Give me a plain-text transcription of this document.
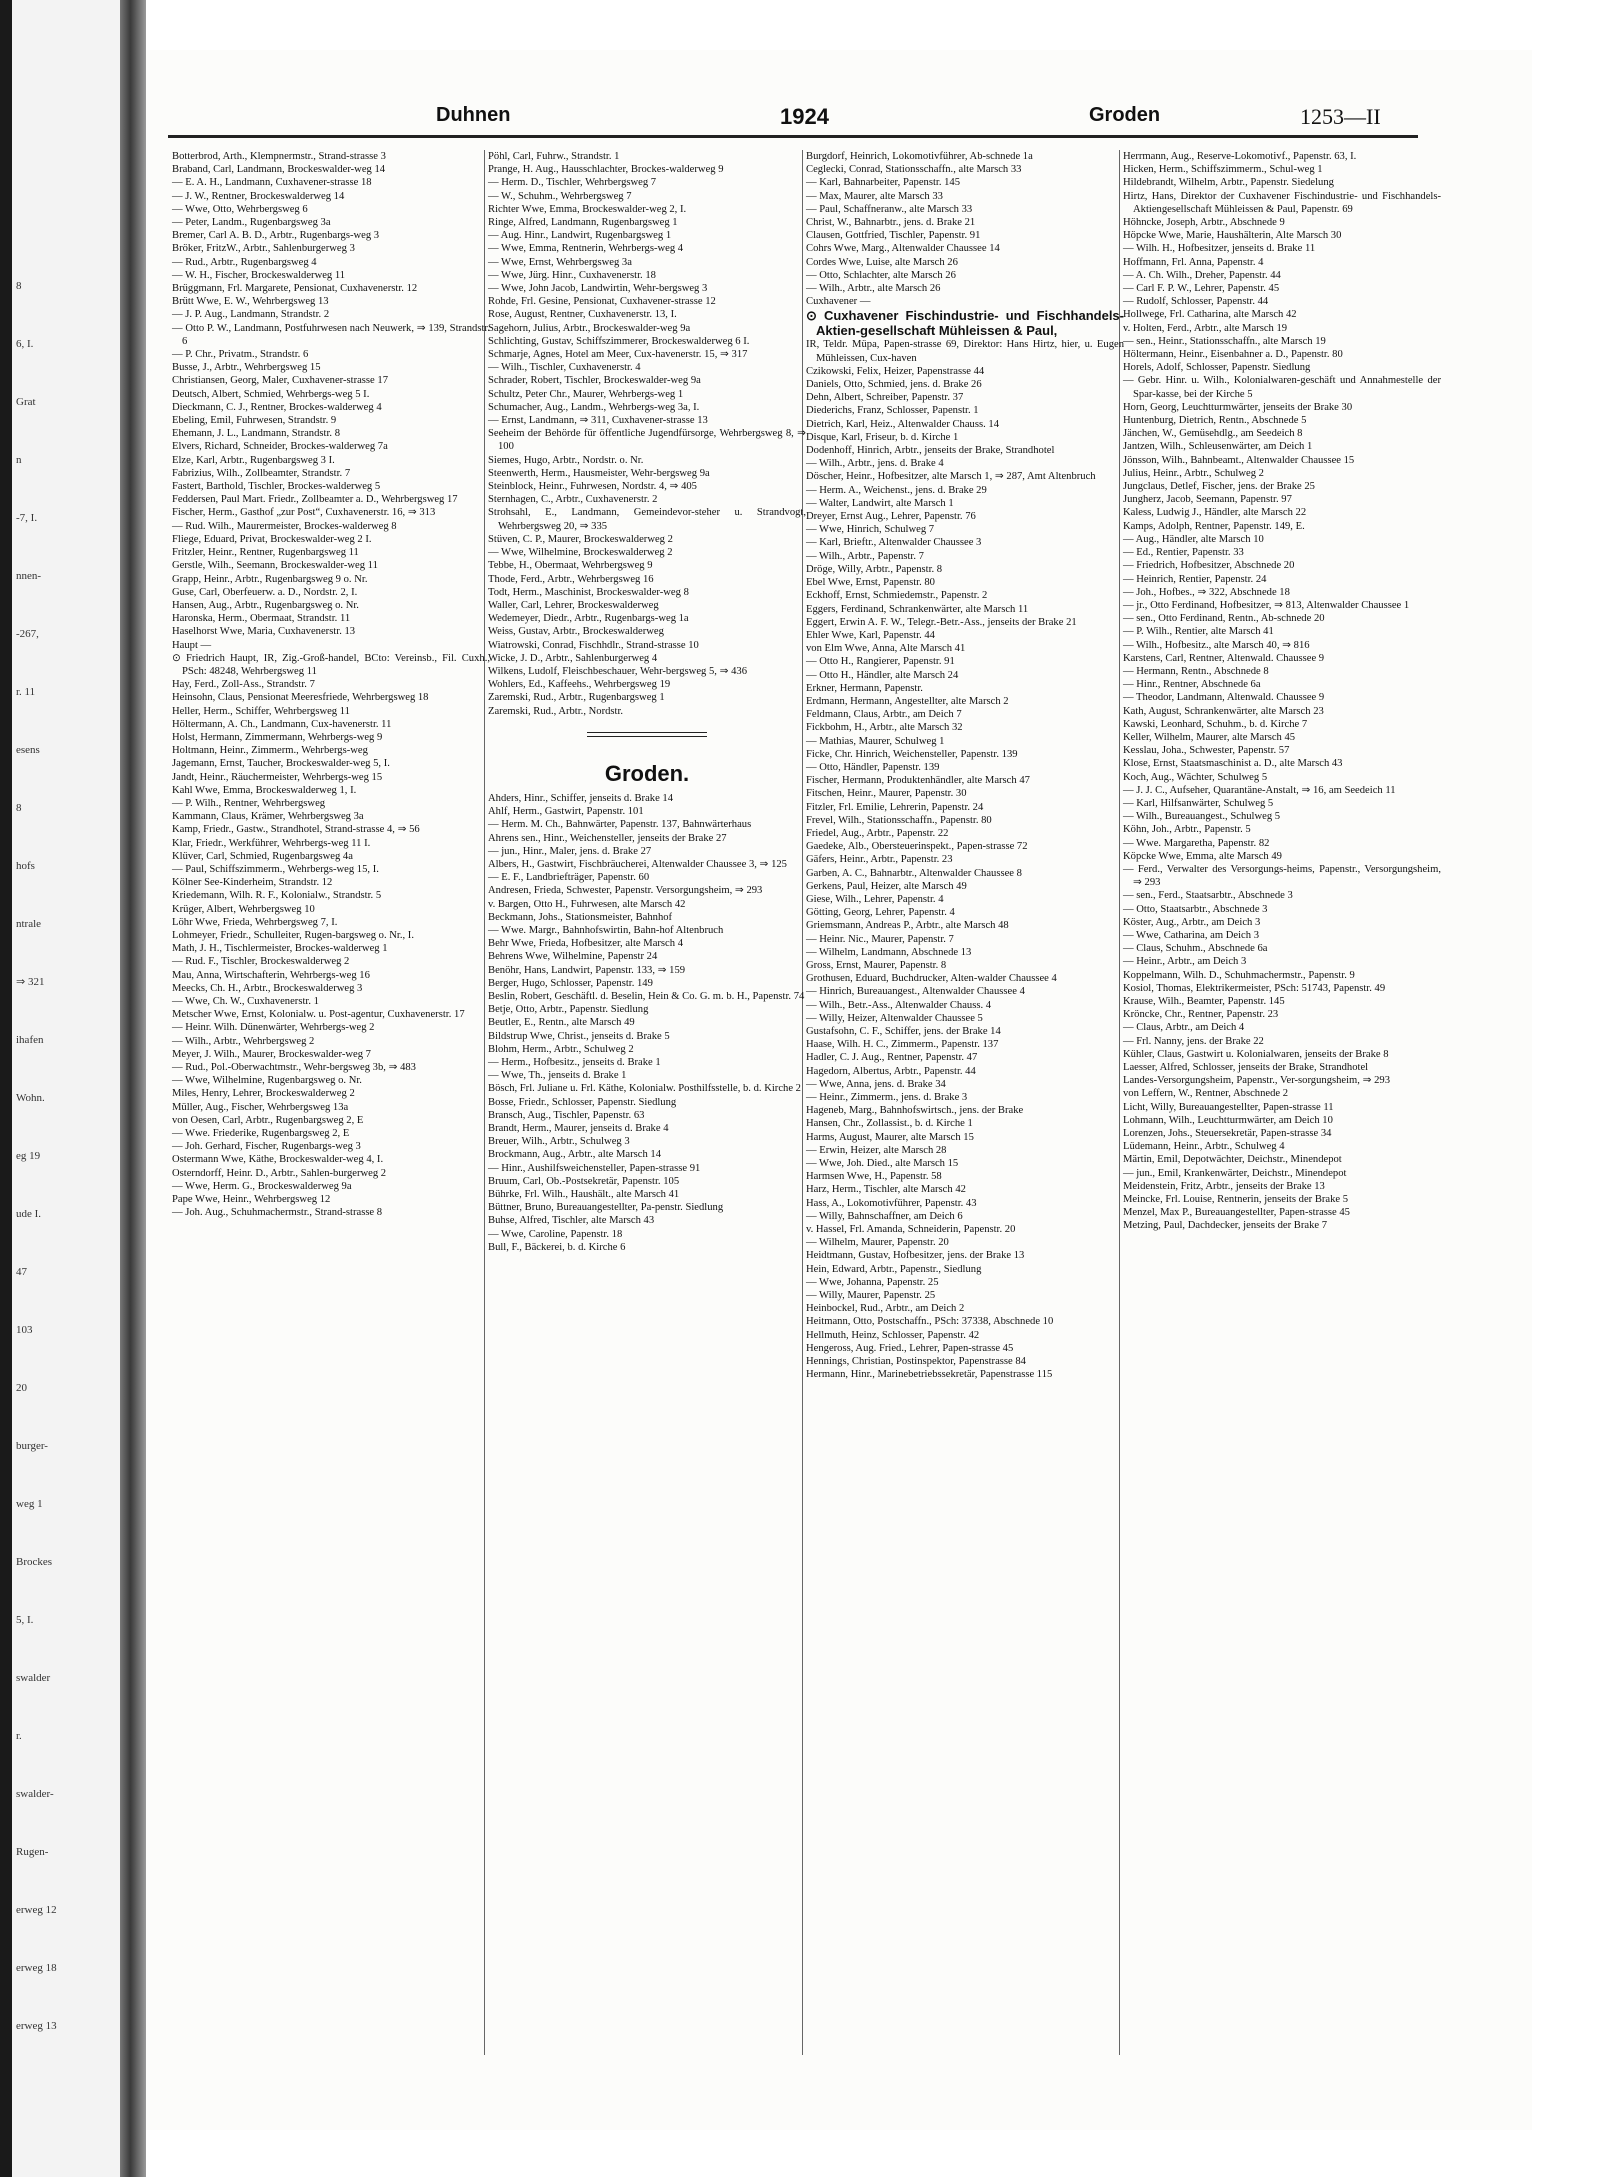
8
6, I.
Grat
n
-7, I.
nnen-
-267,
r. 11
esens
8
hofs
ntrale
⇒ 321
ihafen
Wohn.
eg 19
ude I.
47
103
20
burger-
weg 1
Brockes
5, I.
swalder
r.
swalder-
Rugen-
erweg 12
erweg 18
erweg 13
Duhnen	1924	Groden	1253—II

Botterbrod, Arth., Klempnermstr., Strand-strasse 3

Braband, Carl, Landmann, Brockeswalder-weg 14

— E. A. H., Landmann, Cuxhavener-strasse 18

— J. W., Rentner, Brockeswalderweg 14

— Wwe, Otto, Wehrbergsweg 6

— Peter, Landm., Rugenbargsweg 3a

Bremer, Carl A. B. D., Arbtr., Rugenbargs-weg 3

Bröker, FritzW., Arbtr., Sahlenburgerweg 3

— Rud., Arbtr., Rugenbargsweg 4

— W. H., Fischer, Brockeswalderweg 11

Brüggmann, Frl. Margarete, Pensionat, Cuxhavenerstr. 12

Brütt Wwe, E. W., Wehrbergsweg 13

— J. P. Aug., Landmann, Strandstr. 2

— Otto P. W., Landmann, Postfuhrwesen nach Neuwerk, ⇒ 139, Strandstr. 6

— P. Chr., Privatm., Strandstr. 6

Busse, J., Arbtr., Wehrbergsweg 15

Christiansen, Georg, Maler, Cuxhavener-strasse 17

Deutsch, Albert, Schmied, Wehrbergs-weg 5 I.

Dieckmann, C. J., Rentner, Brockes-walderweg 4

Ebeling, Emil, Fuhrwesen, Strandstr. 9

Ehemann, J. L., Landmann, Strandstr. 8

Elvers, Richard, Schneider, Brockes-walderweg 7a

Elze, Karl, Arbtr., Rugenbargsweg 3 I.

Fabrizius, Wilh., Zollbeamter, Strandstr. 7

Fastert, Barthold, Tischler, Brockes-walderweg 5

Feddersen, Paul Mart. Friedr., Zollbeamter a. D., Wehrbergsweg 17

Fischer, Herm., Gasthof „zur Post“, Cuxhavenerstr. 16, ⇒ 313

— Rud. Wilh., Maurermeister, Brockes-walderweg 8

Fliege, Eduard, Privat, Brockeswalder-weg 2 I.

Fritzler, Heinr., Rentner, Rugenbargsweg 11

Gerstle, Wilh., Seemann, Brockeswalder-weg 11

Grapp, Heinr., Arbtr., Rugenbargsweg 9 o. Nr.

Guse, Carl, Oberfeuerw. a. D., Nordstr. 2, I.

Hansen, Aug., Arbtr., Rugenbargsweg o. Nr.

Haronska, Herm., Obermaat, Strandstr. 11

Haselhorst Wwe, Maria, Cuxhavenerstr. 13

Haupt —

⊙ Friedrich Haupt, IR, Zig.-Groß-handel, BCto: Vereinsb., Fil. Cuxh., PSch: 48248, Wehrbergsweg 11

Hay, Ferd., Zoll-Ass., Strandstr. 7

Heinsohn, Claus, Pensionat Meeresfriede, Wehrbergsweg 18

Heller, Herm., Schiffer, Wehrbergsweg 11

Höltermann, A. Ch., Landmann, Cux-havenerstr. 11

Holst, Hermann, Zimmermann, Wehrbergs-weg 9

Holtmann, Heinr., Zimmerm., Wehrbergs-weg

Jagemann, Ernst, Taucher, Brockeswalder-weg 5, I.

Jandt, Heinr., Räuchermeister, Wehrbergs-weg 15

Kahl Wwe, Emma, Brockeswalderweg 1, I.

— P. Wilh., Rentner, Wehrbergsweg

Kammann, Claus, Krämer, Wehrbergsweg 3a

Kamp, Friedr., Gastw., Strandhotel, Strand-strasse 4, ⇒ 56

Klar, Friedr., Werkführer, Wehrbergs-weg 11 I.

Klüver, Carl, Schmied, Rugenbargsweg 4a

— Paul, Schiffszimmerm., Wehrbergs-weg 15, I.

Kölner See-Kinderheim, Strandstr. 12

Kriedemann, Wilh. R. F., Kolonialw., Strandstr. 5

Krüger, Albert, Wehrbergsweg 10

Löhr Wwe, Frieda, Wehrbergsweg 7, I.

Lohmeyer, Friedr., Schulleiter, Rugen-bargsweg o. Nr., I.

Math, J. H., Tischlermeister, Brockes-walderweg 1

— Rud. F., Tischler, Brockeswalderweg 2

Mau, Anna, Wirtschafterin, Wehrbergs-weg 16

Meecks, Ch. H., Arbtr., Brockeswalderweg 3

— Wwe, Ch. W., Cuxhavenerstr. 1

Metscher Wwe, Ernst, Kolonialw. u. Post-agentur, Cuxhavenerstr. 17

— Heinr. Wilh. Dünenwärter, Wehrbergs-weg 2

— Wilh., Arbtr., Wehrbergsweg 2

Meyer, J. Wilh., Maurer, Brockeswalder-weg 7

— Rud., Pol.-Oberwachtmstr., Wehr-bergsweg 3b, ⇒ 483

— Wwe, Wilhelmine, Rugenbargsweg o. Nr.

Miles, Henry, Lehrer, Brockeswalderweg 2

Müller, Aug., Fischer, Wehrbergsweg 13a

von Oesen, Carl, Arbtr., Rugenbargsweg 2, E

— Wwe. Friederike, Rugenbargsweg 2, E

— Joh. Gerhard, Fischer, Rugenbargs-weg 3

Ostermann Wwe, Käthe, Brockeswalder-weg 4, I.

Osterndorff, Heinr. D., Arbtr., Sahlen-burgerweg 2

— Wwe, Herm. G., Brockeswalderweg 9a

Pape Wwe, Heinr., Wehrbergsweg 12

— Joh. Aug., Schuhmachermstr., Strand-strasse 8

Pöhl, Carl, Fuhrw., Strandstr. 1

Prange, H. Aug., Hausschlachter, Brockes-walderweg 9

— Herm. D., Tischler, Wehrbergsweg 7

— W., Schuhm., Wehrbergsweg 7

Richter Wwe, Emma, Brockeswalder-weg 2, I.

Ringe, Alfred, Landmann, Rugenbargsweg 1

— Aug. Hinr., Landwirt, Rugenbargsweg 1

— Wwe, Emma, Rentnerin, Wehrbergs-weg 4

— Wwe, Ernst, Wehrbergsweg 3a

— Wwe, Jürg. Hinr., Cuxhavenerstr. 18

— Wwe, John Jacob, Landwirtin, Wehr-bergsweg 3

Rohde, Frl. Gesine, Pensionat, Cuxhavener-strasse 12

Rose, August, Rentner, Cuxhavenerstr. 13, I.

Sagehorn, Julius, Arbtr., Brockeswalder-weg 9a

Schlichting, Gustav, Schiffszimmerer, Brockeswalderweg 6 I.

Schmarje, Agnes, Hotel am Meer, Cux-havenerstr. 15, ⇒ 317

— Wilh., Tischler, Cuxhavenerstr. 4

Schrader, Robert, Tischler, Brockeswalder-weg 9a

Schultz, Peter Chr., Maurer, Wehrbergs-weg 1

Schumacher, Aug., Landm., Wehrbergs-weg 3a, I.

— Ernst, Landmann, ⇒ 311, Cuxhavener-strasse 13

Seeheim der Behörde für öffentliche Jugendfürsorge, Wehrbergsweg 8, ⇒ 100

Siemes, Hugo, Arbtr., Nordstr. o. Nr.

Steenwerth, Herm., Hausmeister, Wehr-bergsweg 9a

Steinblock, Heinr., Fuhrwesen, Nordstr. 4, ⇒ 405

Sternhagen, C., Arbtr., Cuxhavenerstr. 2

Strohsahl, E., Landmann, Gemeindevor-steher u. Strandvogt, Wehrbergsweg 20, ⇒ 335

Stüven, C. P., Maurer, Brockeswalderweg 2

— Wwe, Wilhelmine, Brockeswalderweg 2

Tebbe, H., Obermaat, Wehrbergsweg 9

Thode, Ferd., Arbtr., Wehrbergsweg 16

Todt, Herm., Maschinist, Brockeswalder-weg 8

Waller, Carl, Lehrer, Brockeswalderweg

Wedemeyer, Diedr., Arbtr., Rugenbargs-weg 1a

Weiss, Gustav, Arbtr., Brockeswalderweg

Wiatrowski, Conrad, Fischhdlr., Strand-strasse 10

Wicke, J. D., Arbtr., Sahlenburgerweg 4

Wilkens, Ludolf, Fleischbeschauer, Wehr-bergsweg 5, ⇒ 436

Wohlers, Ed., Kaffeehs., Wehrbergsweg 19

Zaremski, Rud., Arbtr., Rugenbargsweg 1

Zaremski, Rud., Arbtr., Nordstr.

Groden.

Ahders, Hinr., Schiffer, jenseits d. Brake 14

Ahlf, Herm., Gastwirt, Papenstr. 101

— Herm. M. Ch., Bahnwärter, Papenstr. 137, Bahnwärterhaus

Ahrens sen., Hinr., Weichensteller, jenseits der Brake 27

— jun., Hinr., Maler, jens. d. Brake 27

Albers, H., Gastwirt, Fischbräucherei, Altenwalder Chaussee 3, ⇒ 125

— E. F., Landbriefträger, Papenstr. 60

Andresen, Frieda, Schwester, Papenstr. Versorgungsheim, ⇒ 293

v. Bargen, Otto H., Fuhrwesen, alte Marsch 42

Beckmann, Johs., Stationsmeister, Bahnhof

— Wwe. Margr., Bahnhofswirtin, Bahn-hof Altenbruch

Behr Wwe, Frieda, Hofbesitzer, alte Marsch 4

Behrens Wwe, Wilhelmine, Papenstr 24

Benöhr, Hans, Landwirt, Papenstr. 133, ⇒ 159

Berger, Hugo, Schlosser, Papenstr. 149

Beslin, Robert, Geschäftl. d. Beselin, Hein & Co. G. m. b. H., Papenstr. 74

Betje, Otto, Arbtr., Papenstr. Siedlung

Beutler, E., Rentn., alte Marsch 49

Bildstrup Wwe, Christ., jenseits d. Brake 5

Blohm, Herm., Arbtr., Schulweg 2

— Herm., Hofbesitz., jenseits d. Brake 1

— Wwe, Th., jenseits d. Brake 1

Bösch, Frl. Juliane u. Frl. Käthe, Kolonialw. Posthilfsstelle, b. d. Kirche 2

Bosse, Friedr., Schlosser, Papenstr. Siedlung

Bransch, Aug., Tischler, Papenstr. 63

Brandt, Herm., Maurer, jenseits d. Brake 4

Breuer, Wilh., Arbtr., Schulweg 3

Brockmann, Aug., Arbtr., alte Marsch 14

— Hinr., Aushilfsweichensteller, Papen-strasse 91

Bruum, Carl, Ob.-Postsekretär, Papenstr. 105

Bührke, Frl. Wilh., Haushält., alte Marsch 41

Büttner, Bruno, Bureauangestellter, Pa-penstr. Siedlung

Buhse, Alfred, Tischler, alte Marsch 43

— Wwe, Caroline, Papenstr. 18

Bull, F., Bäckerei, b. d. Kirche 6

Burgdorf, Heinrich, Lokomotivführer, Ab-schnede 1a

Ceglecki, Conrad, Stationsschaffn., alte Marsch 33

— Karl, Bahnarbeiter, Papenstr. 145

— Max, Maurer, alte Marsch 33

— Paul, Schaffneranw., alte Marsch 33

Christ, W., Bahnarbtr., jens. d. Brake 21

Clausen, Gottfried, Tischler, Papenstr. 91

Cohrs Wwe, Marg., Altenwalder Chaussee 14

Cordes Wwe, Luise, alte Marsch 26

— Otto, Schlachter, alte Marsch 26

— Wilh., Arbtr., alte Marsch 26

Cuxhavener —

⊙ Cuxhavener Fischindustrie- und Fischhandels-Aktien-gesellschaft Mühleissen & Paul,

IR, Teldr. Müpa, Papen-strasse 69, Direktor: Hans Hirtz, hier, u. Eugen Mühleissen, Cux-haven

Czikowski, Felix, Heizer, Papenstrasse 44

Daniels, Otto, Schmied, jens. d. Brake 26

Dehn, Albert, Schreiber, Papenstr. 37

Diederichs, Franz, Schlosser, Papenstr. 1

Dietrich, Karl, Heiz., Altenwalder Chauss. 14

Disque, Karl, Friseur, b. d. Kirche 1

Dodenhoff, Hinrich, Arbtr., jenseits der Brake, Strandhotel

— Wilh., Arbtr., jens. d. Brake 4

Döscher, Heinr., Hofbesitzer, alte Marsch 1, ⇒ 287, Amt Altenbruch

— Herm. A., Weichenst., jens. d. Brake 29

— Walter, Landwirt, alte Marsch 1

Dreyer, Ernst Aug., Lehrer, Papenstr. 76

— Wwe, Hinrich, Schulweg 7

— Karl, Brieftr., Altenwalder Chaussee 3

— Wilh., Arbtr., Papenstr. 7

Dröge, Willy, Arbtr., Papenstr. 8

Ebel Wwe, Ernst, Papenstr. 80

Eckhoff, Ernst, Schmiedemstr., Papenstr. 2

Eggers, Ferdinand, Schrankenwärter, alte Marsch 11

Eggert, Erwin A. F. W., Telegr.-Betr.-Ass., jenseits der Brake 21

Ehler Wwe, Karl, Papenstr. 44

von Elm Wwe, Anna, Alte Marsch 41

— Otto H., Rangierer, Papenstr. 91

— Otto H., Händler, alte Marsch 24

Erkner, Hermann, Papenstr.

Erdmann, Hermann, Angestellter, alte Marsch 2

Feldmann, Claus, Arbtr., am Deich 7

Fickbohm, H., Arbtr., alte Marsch 32

— Mathias, Maurer, Schulweg 1

Ficke, Chr. Hinrich, Weichensteller, Papenstr. 139

— Otto, Händler, Papenstr. 139

Fischer, Hermann, Produktenhändler, alte Marsch 47

Fitschen, Heinr., Maurer, Papenstr. 30

Fitzler, Frl. Emilie, Lehrerin, Papenstr. 24

Frevel, Wilh., Stationsschaffn., Papenstr. 80

Friedel, Aug., Arbtr., Papenstr. 22

Gaedeke, Alb., Obersteuerinspekt., Papen-strasse 72

Gäfers, Heinr., Arbtr., Papenstr. 23

Garben, A. C., Bahnarbtr., Altenwalder Chaussee 8

Gerkens, Paul, Heizer, alte Marsch 49

Giese, Wilh., Lehrer, Papenstr. 4

Götting, Georg, Lehrer, Papenstr. 4

Griemsmann, Andreas P., Arbtr., alte Marsch 48

— Heinr. Nic., Maurer, Papenstr. 7

— Wilhelm, Landmann, Abschnede 13

Gross, Ernst, Maurer, Papenstr. 8

Grothusen, Eduard, Buchdrucker, Alten-walder Chaussee 4

— Hinrich, Bureauangest., Altenwalder Chaussee 4

— Wilh., Betr.-Ass., Altenwalder Chauss. 4

— Willy, Heizer, Altenwalder Chaussee 5

Gustafsohn, C. F., Schiffer, jens. der Brake 14

Haase, Wilh. H. C., Zimmerm., Papenstr. 137

Hadler, C. J. Aug., Rentner, Papenstr. 47

Hagedorn, Albertus, Arbtr., Papenstr. 44

— Wwe, Anna, jens. d. Brake 34

— Heinr., Zimmerm., jens. d. Brake 3

Hageneb, Marg., Bahnhofswirtsch., jens. der Brake

Hansen, Chr., Zollassist., b. d. Kirche 1

Harms, August, Maurer, alte Marsch 15

— Erwin, Heizer, alte Marsch 28

— Wwe, Joh. Died., alte Marsch 15

Harmsen Wwe, H., Papenstr. 58

Harz, Herm., Tischler, alte Marsch 42

Hass, A., Lokomotivführer, Papenstr. 43

— Willy, Bahnschaffner, am Deich 6

v. Hassel, Frl. Amanda, Schneiderin, Papenstr. 20

— Wilhelm, Maurer, Papenstr. 20

Heidtmann, Gustav, Hofbesitzer, jens. der Brake 13

Hein, Edward, Arbtr., Papenstr., Siedlung

— Wwe, Johanna, Papenstr. 25

— Willy, Maurer, Papenstr. 25

Heinbockel, Rud., Arbtr., am Deich 2

Heitmann, Otto, Postschaffn., PSch: 37338, Abschnede 10

Hellmuth, Heinz, Schlosser, Papenstr. 42

Hengeross, Aug. Fried., Lehrer, Papen-strasse 45

Hennings, Christian, Postinspektor, Papenstrasse 84

Hermann, Hinr., Marinebetriebssekretär, Papenstrasse 115

Herrmann, Aug., Reserve-Lokomotivf., Papenstr. 63, I.

Hicken, Herm., Schiffszimmerm., Schul-weg 1

Hildebrandt, Wilhelm, Arbtr., Papenstr. Siedelung

Hirtz, Hans, Direktor der Cuxhavener Fischindustrie- und Fischhandels-Aktiengesellschaft Mühleissen & Paul, Papenstr. 69

Höhncke, Joseph, Arbtr., Abschnede 9

Höpcke Wwe, Marie, Haushälterin, Alte Marsch 30

— Wilh. H., Hofbesitzer, jenseits d. Brake 11

Hoffmann, Frl. Anna, Papenstr. 4

— A. Ch. Wilh., Dreher, Papenstr. 44

— Carl F. P. W., Lehrer, Papenstr. 45

— Rudolf, Schlosser, Papenstr. 44

Hollwege, Frl. Catharina, alte Marsch 42

v. Holten, Ferd., Arbtr., alte Marsch 19

— sen., Heinr., Stationsschaffn., alte Marsch 19

Höltermann, Heinr., Eisenbahner a. D., Papenstr. 80

Horels, Adolf, Schlosser, Papenstr. Siedlung

— Gebr. Hinr. u. Wilh., Kolonialwaren-geschäft und Annahmestelle der Spar-kasse, bei der Kirche 5

Horn, Georg, Leuchtturmwärter, jenseits der Brake 30

Huntenburg, Dietrich, Rentn., Abschnede 5

Jänchen, W., Gemüsehdlg., am Seedeich 8

Jantzen, Wilh., Schleusenwärter, am Deich 1

Jönsson, Wilh., Bahnbeamt., Altenwalder Chaussee 15

Julius, Heinr., Arbtr., Schulweg 2

Jungclaus, Detlef, Fischer, jens. der Brake 25

Jungherz, Jacob, Seemann, Papenstr. 97

Kaless, Ludwig J., Händler, alte Marsch 22

Kamps, Adolph, Rentner, Papenstr. 149, E.

— Aug., Händler, alte Marsch 10

— Ed., Rentier, Papenstr. 33

— Friedrich, Hofbesitzer, Abschnede 20

— Heinrich, Rentier, Papenstr. 24

— Joh., Hofbes., ⇒ 322, Abschnede 18

— jr., Otto Ferdinand, Hofbesitzer, ⇒ 813, Altenwalder Chaussee 1

— sen., Otto Ferdinand, Rentn., Ab-schnede 20

— P. Wilh., Rentier, alte Marsch 41

— Wilh., Hofbesitz., alte Marsch 40, ⇒ 816

Karstens, Carl, Rentner, Altenwald. Chaussee 9

— Hermann, Rentn., Abschnede 8

— Hinr., Rentner, Abschnede 6a

— Theodor, Landmann, Altenwald. Chaussee 9

Kath, August, Schrankenwärter, alte Marsch 23

Kawski, Leonhard, Schuhm., b. d. Kirche 7

Keller, Wilhelm, Maurer, alte Marsch 45

Kesslau, Joha., Schwester, Papenstr. 57

Klose, Ernst, Staatsmaschinist a. D., alte Marsch 43

Koch, Aug., Wächter, Schulweg 5

— J. J. C., Aufseher, Quarantäne-Anstalt, ⇒ 16, am Seedeich 11

— Karl, Hilfsanwärter, Schulweg 5

— Wilh., Bureauangest., Schulweg 5

Köhn, Joh., Arbtr., Papenstr. 5

— Wwe. Margaretha, Papenstr. 82

Köpcke Wwe, Emma, alte Marsch 49

— Ferd., Verwalter des Versorgungs-heims, Papenstr., Versorgungsheim, ⇒ 293

— sen., Ferd., Staatsarbtr., Abschnede 3

— Otto, Staatsarbtr., Abschnede 3

Köster, Aug., Arbtr., am Deich 3

— Wwe, Catharina, am Deich 3

— Claus, Schuhm., Abschnede 6a

— Heinr., Arbtr., am Deich 3

Koppelmann, Wilh. D., Schuhmachermstr., Papenstr. 9

Kosiol, Thomas, Elektrikermeister, PSch: 51743, Papenstr. 49

Krause, Wilh., Beamter, Papenstr. 145

Kröncke, Chr., Rentner, Papenstr. 23

— Claus, Arbtr., am Deich 4

— Frl. Nanny, jens. der Brake 22

Kühler, Claus, Gastwirt u. Kolonialwaren, jenseits der Brake 8

Laesser, Alfred, Schlosser, jenseits der Brake, Strandhotel

Landes-Versorgungsheim, Papenstr., Ver-sorgungsheim, ⇒ 293

von Leffern, W., Rentner, Abschnede 2

Licht, Willy, Bureauangestellter, Papen-strasse 11

Lohmann, Wilh., Leuchtturmwärter, am Deich 10

Lorenzen, Johs., Steuersekretär, Papen-strasse 34

Lüdemann, Heinr., Arbtr., Schulweg 4

Märtin, Emil, Depotwächter, Deichstr., Minendepot

— jun., Emil, Krankenwärter, Deichstr., Minendepot

Meidenstein, Fritz, Arbtr., jenseits der Brake 13

Meincke, Frl. Louise, Rentnerin, jenseits der Brake 5

Menzel, Max P., Bureauangestellter, Papen-strasse 45

Metzing, Paul, Dachdecker, jenseits der Brake 7
